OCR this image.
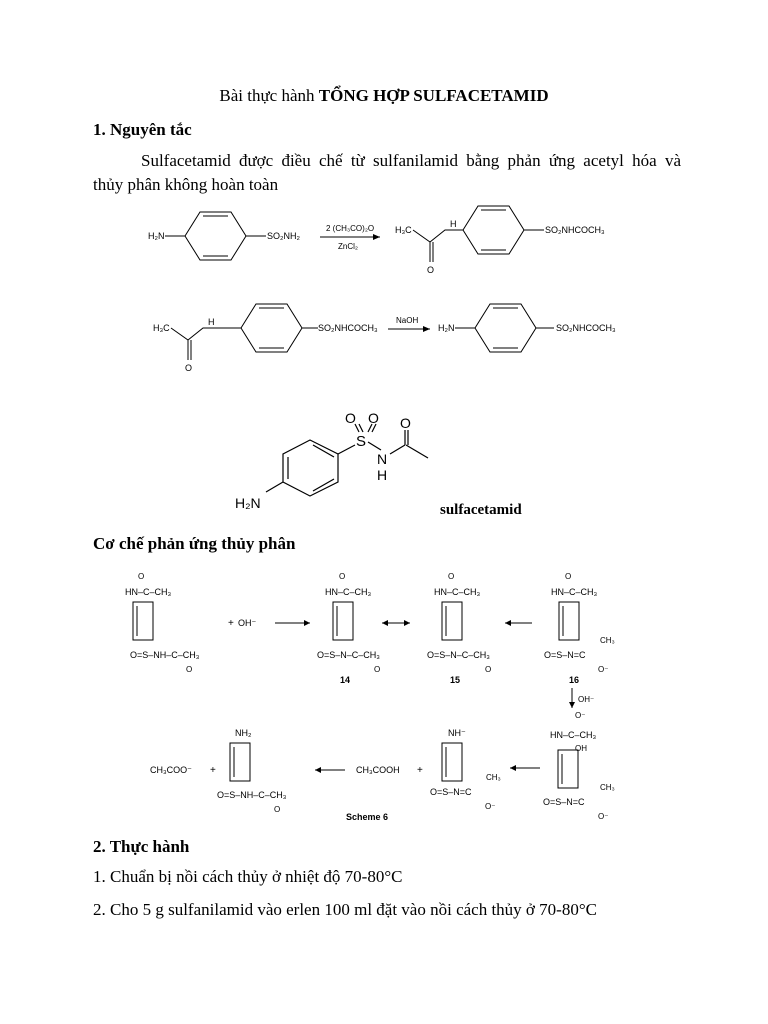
Bài thực hành TỔNG HỢP SULFACETAMID
1. Nguyên tắc
Sulfacetamid được điều chế từ sulfanilamid bằng phản ứng acetyl hóa và
thủy phân không hoàn toàn
H₂N	SO₂NH₂
2 (CH₃CO)₂O
ZnCl₂
H₃C
O
H
SO₂NHCOCH₃
H₃C
O
H
SO₂NHCOCH₃
NaOH
H₂N	SO₂NHCOCH₃
H₂N
S
O O
N
H
O
sulfacetamid
Cơ chế phản ứng thủy phân
O
HN–C–CH₃
O=S–NH–C–CH₃
O
+ OH⁻
O
HN–C–CH₃
O=S–N–C–CH₃
O
14
O
HN–C–CH₃
O=S–N–C–CH₃
O
15
O
HN–C–CH₃
CH₃
O=S–N=C
O⁻
16
OH⁻
O⁻
HN–C–CH₃
OH
CH₃
O=S–N=C
O⁻
NH⁻
CH₃
O=S–N=C
O⁻
CH₃COOH +
NH₂
O=S–NH–C–CH₃
O
CH₃COO⁻ +
Scheme 6
2. Thực hành
1. Chuẩn bị nồi cách thủy ở nhiệt độ 70-80°C
2. Cho 5 g sulfanilamid vào erlen 100 ml đặt vào nồi cách thủy ở 70-80°C
